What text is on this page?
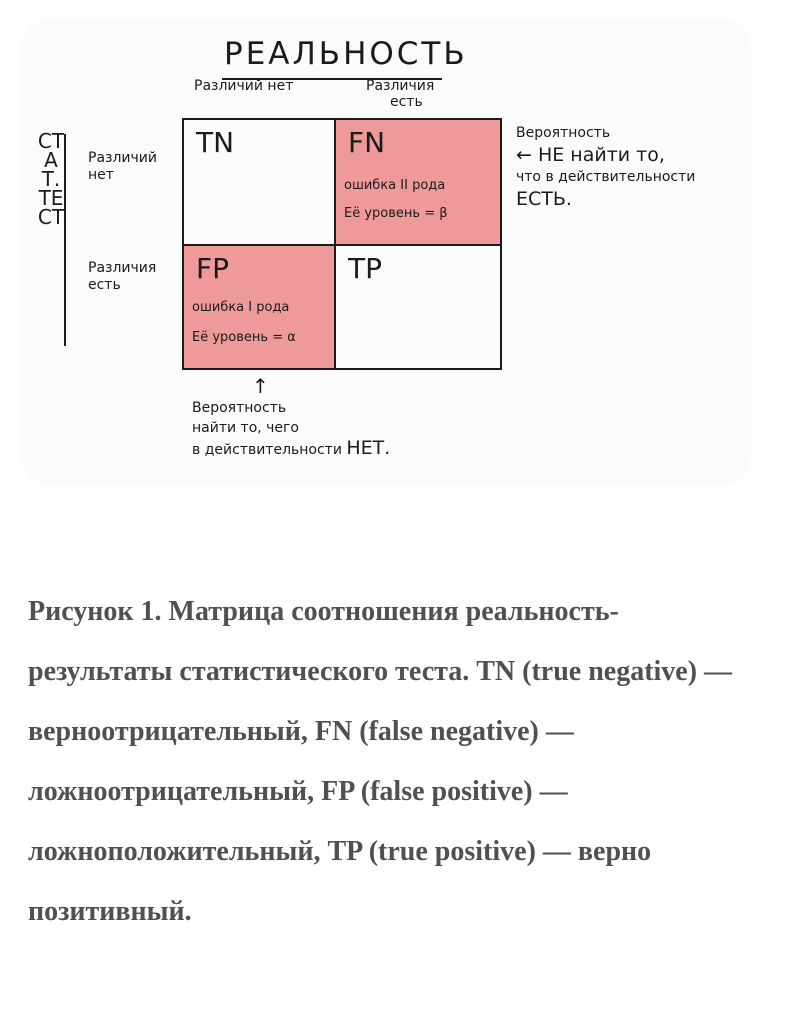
РЕАЛЬНОСТЬ
Различий нет	Различия
есть
СТАТ. ТЕСТ
Различий
нет
Различия
есть
TN	FN
ошибка II рода
Её уровень = β
FP
ошибка I рода
Её уровень = α
TP
Вероятность
← НЕ найти то,
что в действительности
ЕСТЬ.
↑
Вероятность
найти то, чего
в действительности НЕТ.
Рисунок 1. Матрица соотношения реальность-результаты статистического теста. TN (true negative) — верноотрицательный, FN (false negative) — ложноотрицательный, FP (false positive) — ложноположительный, TP (true positive) — верно позитивный.
